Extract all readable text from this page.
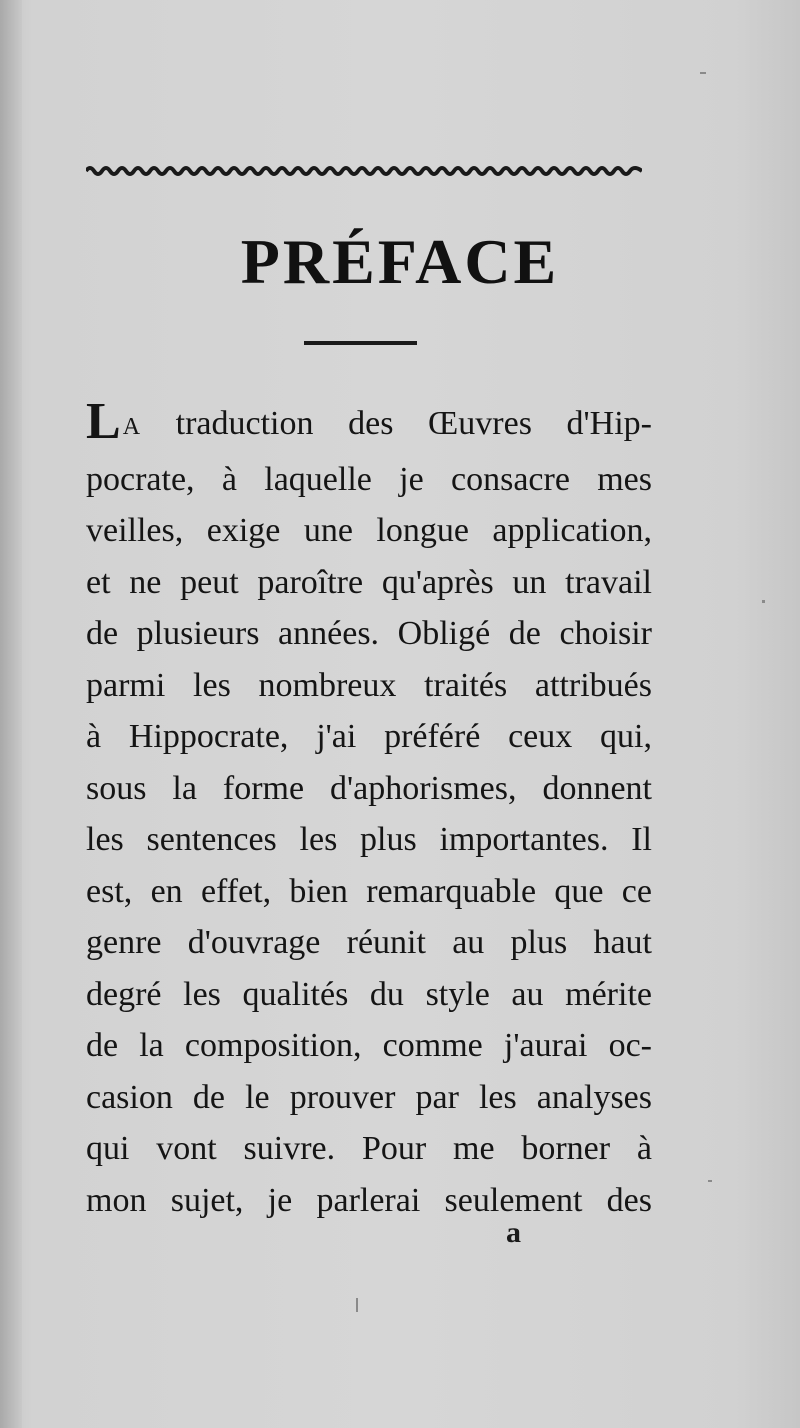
PRÉFACE
LA traduction des Œuvres d'Hip-
pocrate, à laquelle je consacre mes
veilles, exige une longue application,
et ne peut paroître qu'après un travail
de plusieurs années. Obligé de choisir
parmi les nombreux traités attribués
à Hippocrate, j'ai préféré ceux qui,
sous la forme d'aphorismes, donnent
les sentences les plus importantes. Il
est, en effet, bien remarquable que ce
genre d'ouvrage réunit au plus haut
degré les qualités du style au mérite
de la composition, comme j'aurai oc-
casion de le prouver par les analyses
qui vont suivre. Pour me borner à
mon sujet, je parlerai seulement des
a
